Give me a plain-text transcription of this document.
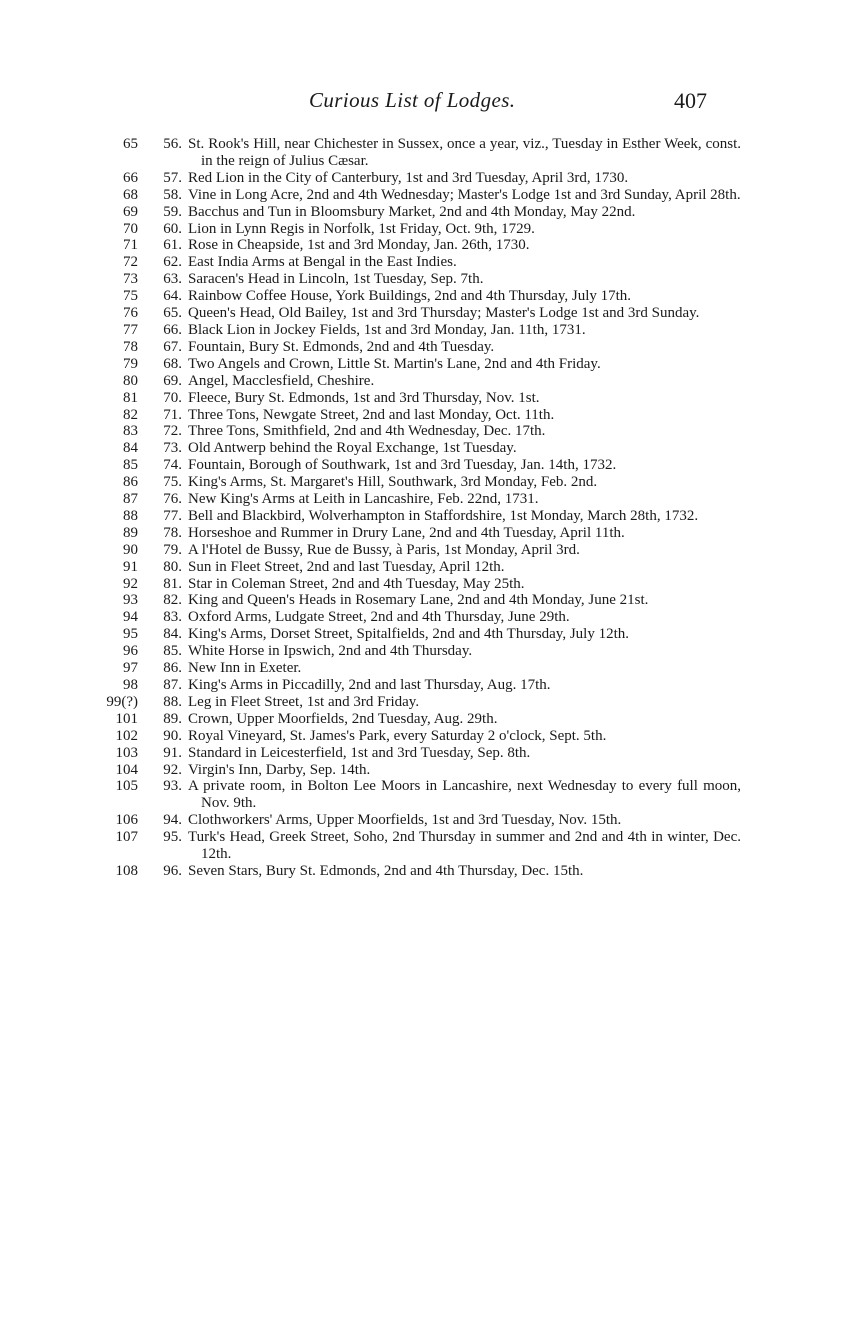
Curious List of Lodges.	407
65	56. St. Rook's Hill, near Chichester in Sussex, once a year, viz., Tuesday in Esther Week, const. in the reign of Julius Cæsar.
66	57. Red Lion in the City of Canterbury, 1st and 3rd Tuesday, April 3rd, 1730.
68	58. Vine in Long Acre, 2nd and 4th Wednesday; Master's Lodge 1st and 3rd Sunday, April 28th.
69	59. Bacchus and Tun in Bloomsbury Market, 2nd and 4th Monday, May 22nd.
70	60. Lion in Lynn Regis in Norfolk, 1st Friday, Oct. 9th, 1729.
71	61. Rose in Cheapside, 1st and 3rd Monday, Jan. 26th, 1730.
72	62. East India Arms at Bengal in the East Indies.
73	63. Saracen's Head in Lincoln, 1st Tuesday, Sep. 7th.
75	64. Rainbow Coffee House, York Buildings, 2nd and 4th Thursday, July 17th.
76	65. Queen's Head, Old Bailey, 1st and 3rd Thursday; Master's Lodge 1st and 3rd Sunday.
77	66. Black Lion in Jockey Fields, 1st and 3rd Monday, Jan. 11th, 1731.
78	67. Fountain, Bury St. Edmonds, 2nd and 4th Tuesday.
79	68. Two Angels and Crown, Little St. Martin's Lane, 2nd and 4th Friday.
80	69. Angel, Macclesfield, Cheshire.
81	70. Fleece, Bury St. Edmonds, 1st and 3rd Thursday, Nov. 1st.
82	71. Three Tons, Newgate Street, 2nd and last Monday, Oct. 11th.
83	72. Three Tons, Smithfield, 2nd and 4th Wednesday, Dec. 17th.
84	73. Old Antwerp behind the Royal Exchange, 1st Tuesday.
85	74. Fountain, Borough of Southwark, 1st and 3rd Tuesday, Jan. 14th, 1732.
86	75. King's Arms, St. Margaret's Hill, Southwark, 3rd Monday, Feb. 2nd.
87	76. New King's Arms at Leith in Lancashire, Feb. 22nd, 1731.
88	77. Bell and Blackbird, Wolverhampton in Staffordshire, 1st Monday, March 28th, 1732.
89	78. Horseshoe and Rummer in Drury Lane, 2nd and 4th Tuesday, April 11th.
90	79. A l'Hotel de Bussy, Rue de Bussy, à Paris, 1st Monday, April 3rd.
91	80. Sun in Fleet Street, 2nd and last Tuesday, April 12th.
92	81. Star in Coleman Street, 2nd and 4th Tuesday, May 25th.
93	82. King and Queen's Heads in Rosemary Lane, 2nd and 4th Monday, June 21st.
94	83. Oxford Arms, Ludgate Street, 2nd and 4th Thursday, June 29th.
95	84. King's Arms, Dorset Street, Spitalfields, 2nd and 4th Thursday, July 12th.
96	85. White Horse in Ipswich, 2nd and 4th Thursday.
97	86. New Inn in Exeter.
98	87. King's Arms in Piccadilly, 2nd and last Thursday, Aug. 17th.
99(?)	88. Leg in Fleet Street, 1st and 3rd Friday.
101	89. Crown, Upper Moorfields, 2nd Tuesday, Aug. 29th.
102	90. Royal Vineyard, St. James's Park, every Saturday 2 o'clock, Sept. 5th.
103	91. Standard in Leicesterfield, 1st and 3rd Tuesday, Sep. 8th.
104	92. Virgin's Inn, Darby, Sep. 14th.
105	93. A private room, in Bolton Lee Moors in Lancashire, next Wednesday to every full moon, Nov. 9th.
106	94. Clothworkers' Arms, Upper Moorfields, 1st and 3rd Tuesday, Nov. 15th.
107	95. Turk's Head, Greek Street, Soho, 2nd Thursday in summer and 2nd and 4th in winter, Dec. 12th.
108	96. Seven Stars, Bury St. Edmonds, 2nd and 4th Thursday, Dec. 15th.
